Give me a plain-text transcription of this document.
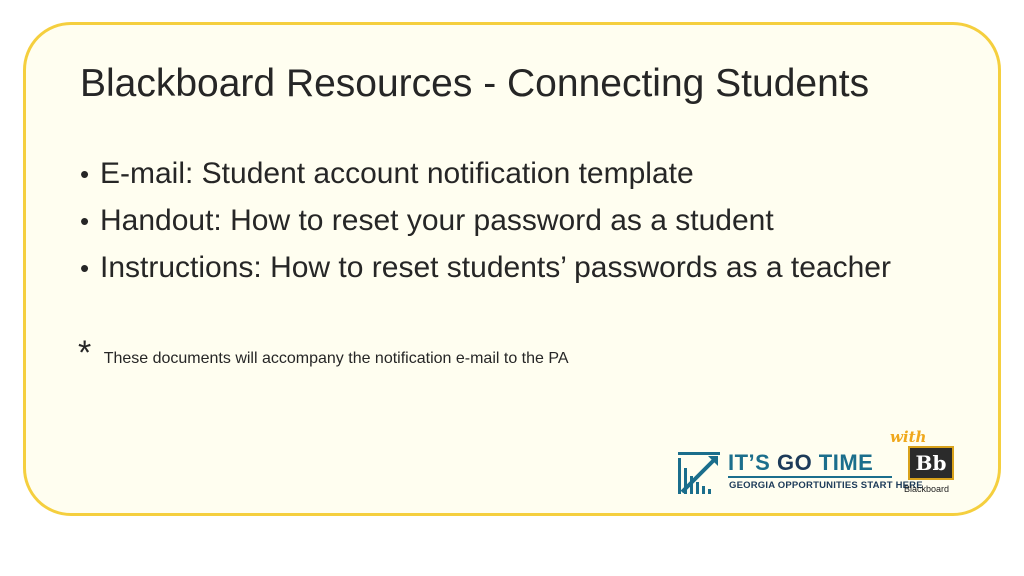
Blackboard Resources - Connecting Students
• E-mail: Student account notification template
• Handout: How to reset your password as a student
• Instructions: How to reset students’ passwords as a teacher
* These documents will accompany the notification e-mail to the PA
IT’S GO TIME
GEORGIA OPPORTUNITIES START HERE
with
Bb
Blackboard
